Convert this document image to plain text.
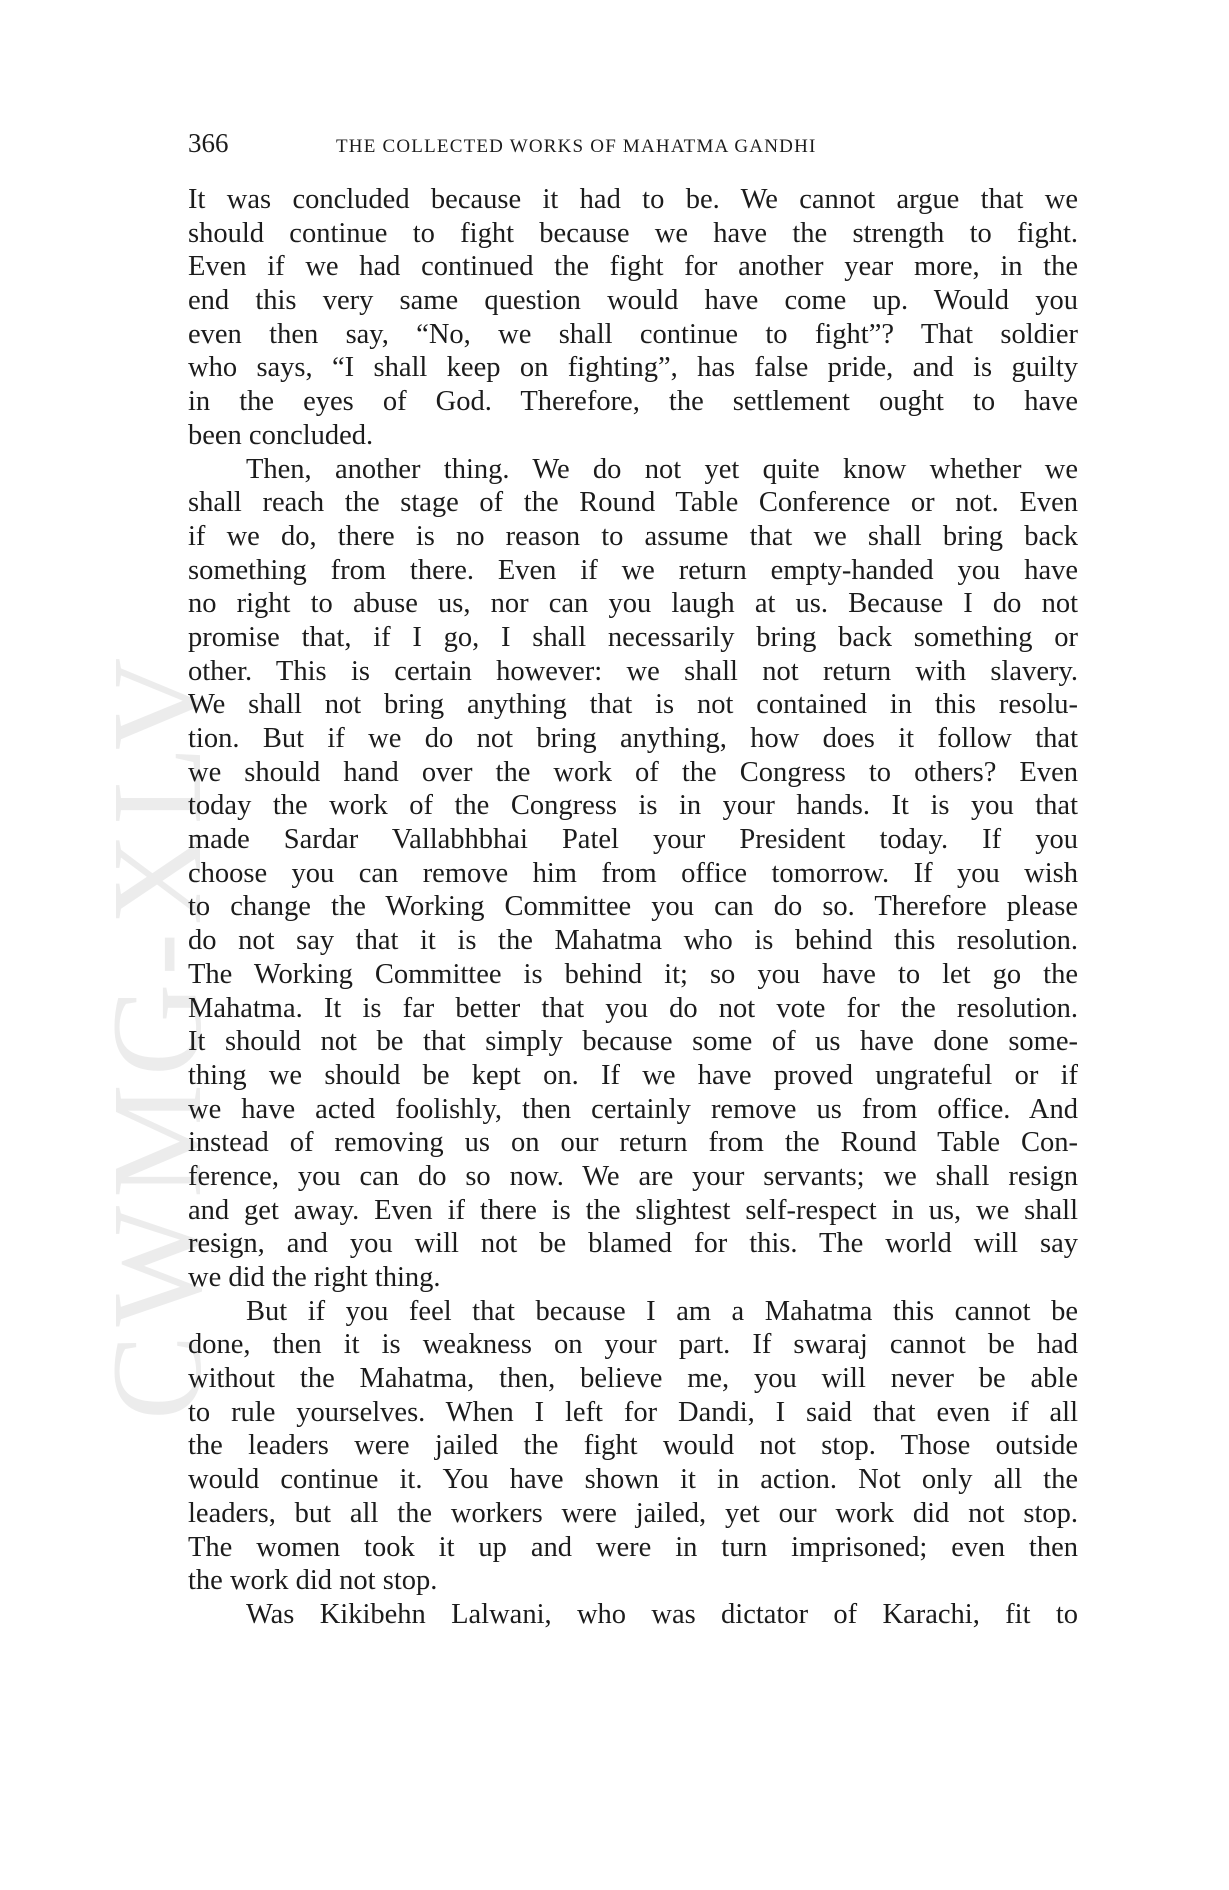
CWMG-XLV
366	THE COLLECTED WORKS OF MAHATMA GANDHI
It was concluded because it had to be. We cannot argue that we
should continue to fight because we have the strength to fight.
Even if we had continued the fight for another year more, in the
end this very same question would have come up. Would you
even then say, “No, we shall continue to fight”? That soldier
who says, “I shall keep on fighting”, has false pride, and is guilty
in the eyes of God. Therefore, the settlement ought to have
been concluded.
Then, another thing. We do not yet quite know whether we
shall reach the stage of the Round Table Conference or not. Even
if we do, there is no reason to assume that we shall bring back
something from there. Even if we return empty-handed you have
no right to abuse us, nor can you laugh at us. Because I do not
promise that, if I go, I shall necessarily bring back something or
other. This is certain however: we shall not return with slavery.
We shall not bring anything that is not contained in this resolu-
tion. But if we do not bring anything, how does it follow that
we should hand over the work of the Congress to others? Even
today the work of the Congress is in your hands. It is you that
made Sardar Vallabhbhai Patel your President today. If you
choose you can remove him from office tomorrow. If you wish
to change the Working Committee you can do so. Therefore please
do not say that it is the Mahatma who is behind this resolution.
The Working Committee is behind it; so you have to let go the
Mahatma. It is far better that you do not vote for the resolution.
It should not be that simply because some of us have done some-
thing we should be kept on. If we have proved ungrateful or if
we have acted foolishly, then certainly remove us from office. And
instead of removing us on our return from the Round Table Con-
ference, you can do so now. We are your servants; we shall resign
and get away. Even if there is the slightest self-respect in us, we shall
resign, and you will not be blamed for this. The world will say
we did the right thing.
But if you feel that because I am a Mahatma this cannot be
done, then it is weakness on your part. If swaraj cannot be had
without the Mahatma, then, believe me, you will never be able
to rule yourselves. When I left for Dandi, I said that even if all
the leaders were jailed the fight would not stop. Those outside
would continue it. You have shown it in action. Not only all the
leaders, but all the workers were jailed, yet our work did not stop.
The women took it up and were in turn imprisoned; even then
the work did not stop.
Was Kikibehn Lalwani, who was dictator of Karachi, fit to
